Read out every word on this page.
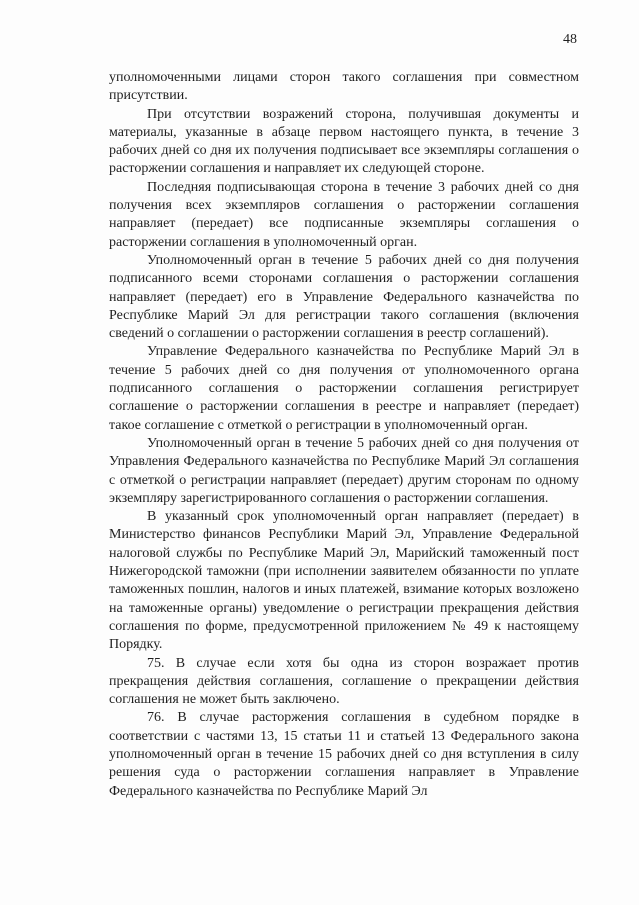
48

уполномоченными лицами сторон такого соглашения при совместном присутствии.

При отсутствии возражений сторона, получившая документы и материалы, указанные в абзаце первом настоящего пункта, в течение 3 рабочих дней со дня их получения подписывает все экземпляры соглашения о расторжении соглашения и направляет их следующей стороне.

Последняя подписывающая сторона в течение 3 рабочих дней со дня получения всех экземпляров соглашения о расторжении соглашения направляет (передает) все подписанные экземпляры соглашения о расторжении соглашения в уполномоченный орган.

Уполномоченный орган в течение 5 рабочих дней со дня получения подписанного всеми сторонами соглашения о расторжении соглашения направляет (передает) его в Управление Федерального казначейства по Республике Марий Эл для регистрации такого соглашения (включения сведений о соглашении о расторжении соглашения в реестр соглашений).

Управление Федерального казначейства по Республике Марий Эл в течение 5 рабочих дней со дня получения от уполномоченного органа подписанного соглашения о расторжении соглашения регистрирует соглашение о расторжении соглашения в реестре и направляет (передает) такое соглашение с отметкой о регистрации в уполномоченный орган.

Уполномоченный орган в течение 5 рабочих дней со дня получения от Управления Федерального казначейства по Республике Марий Эл соглашения с отметкой о регистрации направляет (передает) другим сторонам по одному экземпляру зарегистрированного соглашения о расторжении соглашения.

В указанный срок уполномоченный орган направляет (передает) в Министерство финансов Республики Марий Эл, Управление Федеральной налоговой службы по Республике Марий Эл, Марийский таможенный пост Нижегородской таможни (при исполнении заявителем обязанности по уплате таможенных пошлин, налогов и иных платежей, взимание которых возложено на таможенные органы) уведомление о регистрации прекращения действия соглашения по форме, предусмотренной приложением № 49 к настоящему Порядку.

75. В случае если хотя бы одна из сторон возражает против прекращения действия соглашения, соглашение о прекращении действия соглашения не может быть заключено.

76. В случае расторжения соглашения в судебном порядке в соответствии с частями 13, 15 статьи 11 и статьей 13 Федерального закона уполномоченный орган в течение 15 рабочих дней со дня вступления в силу решения суда о расторжении соглашения направляет в Управление Федерального казначейства по Республике Марий Эл
